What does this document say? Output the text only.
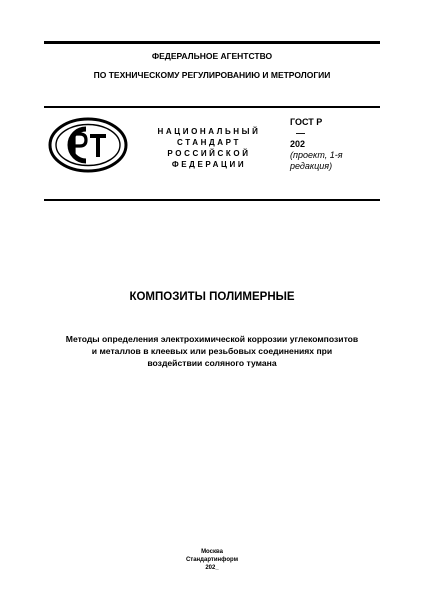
ФЕДЕРАЛЬНОЕ АГЕНТСТВО
ПО ТЕХНИЧЕСКОМУ РЕГУЛИРОВАНИЮ И МЕТРОЛОГИИ
НАЦИОНАЛЬНЫЙ
СТАНДАРТ
РОССИЙСКОЙ
ФЕДЕРАЦИИ
ГОСТ Р
—
202
(проект, 1-я
редакция)
КОМПОЗИТЫ ПОЛИМЕРНЫЕ
Методы определения электрохимической коррозии углекомпозитов
и металлов в клеевых или резьбовых соединениях при
воздействии соляного тумана
Москва
Стандартинформ
202_
